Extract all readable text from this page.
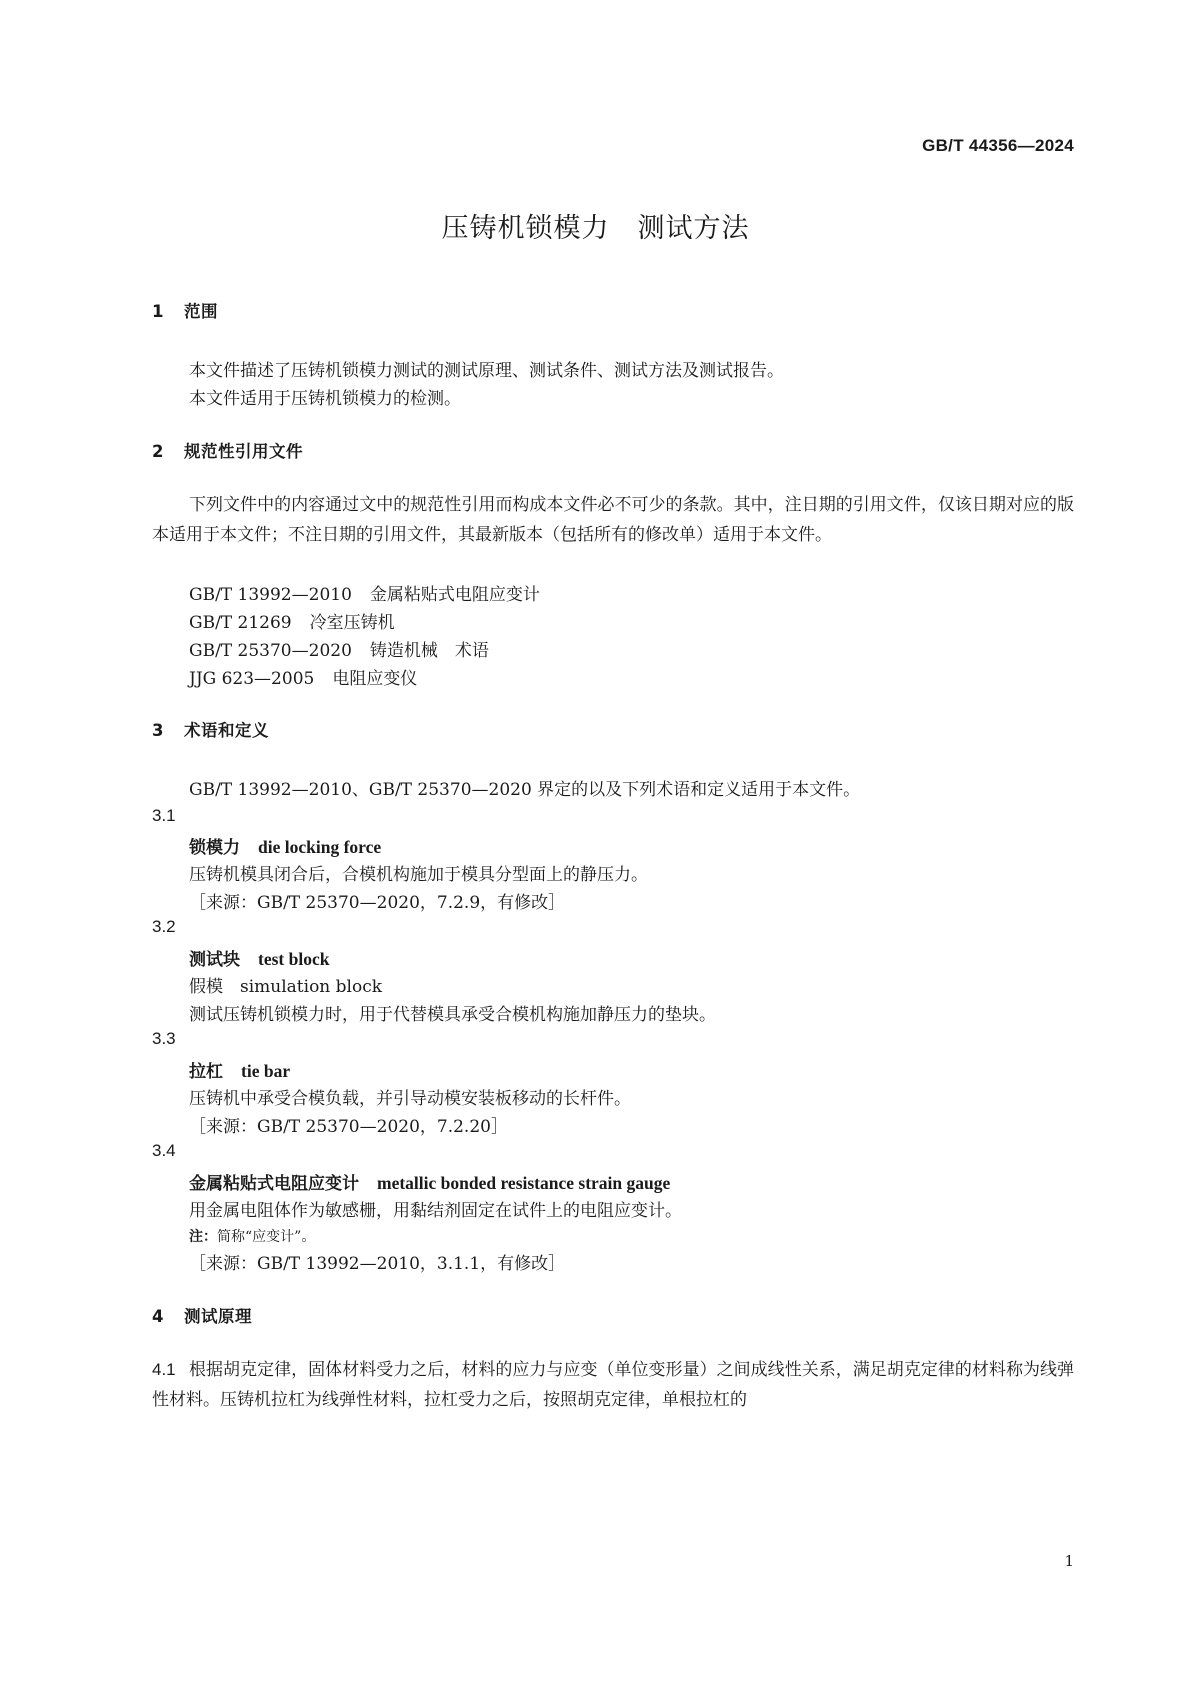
GB/T 44356—2024
压铸机锁模力　测试方法
1 范围
本文件描述了压铸机锁模力测试的测试原理、测试条件、测试方法及测试报告。
本文件适用于压铸机锁模力的检测。
2 规范性引用文件
下列文件中的内容通过文中的规范性引用而构成本文件必不可少的条款。其中，注日期的引用文件，仅该日期对应的版本适用于本文件；不注日期的引用文件，其最新版本（包括所有的修改单）适用于本文件。
GB/T 13992—2010 金属粘贴式电阻应变计
GB/T 21269 冷室压铸机
GB/T 25370—2020 铸造机械　术语
JJG 623—2005 电阻应变仪
3 术语和定义
GB/T 13992—2010、GB/T 25370—2020 界定的以及下列术语和定义适用于本文件。
3.1
锁模力 die locking force
压铸机模具闭合后，合模机构施加于模具分型面上的静压力。
［来源：GB/T 25370—2020，7.2.9，有修改］
3.2
测试块 test block
假模　simulation block
测试压铸机锁模力时，用于代替模具承受合模机构施加静压力的垫块。
3.3
拉杠 tie bar
压铸机中承受合模负载，并引导动模安装板移动的长杆件。
［来源：GB/T 25370—2020，7.2.20］
3.4
金属粘贴式电阻应变计 metallic bonded resistance strain gauge
用金属电阻体作为敏感栅，用黏结剂固定在试件上的电阻应变计。
注：简称“应变计”。
［来源：GB/T 13992—2010，3.1.1，有修改］
4 测试原理
4.1 根据胡克定律，固体材料受力之后，材料的应力与应变（单位变形量）之间成线性关系，满足胡克定律的材料称为线弹性材料。压铸机拉杠为线弹性材料，拉杠受力之后，按照胡克定律，单根拉杠的
1
